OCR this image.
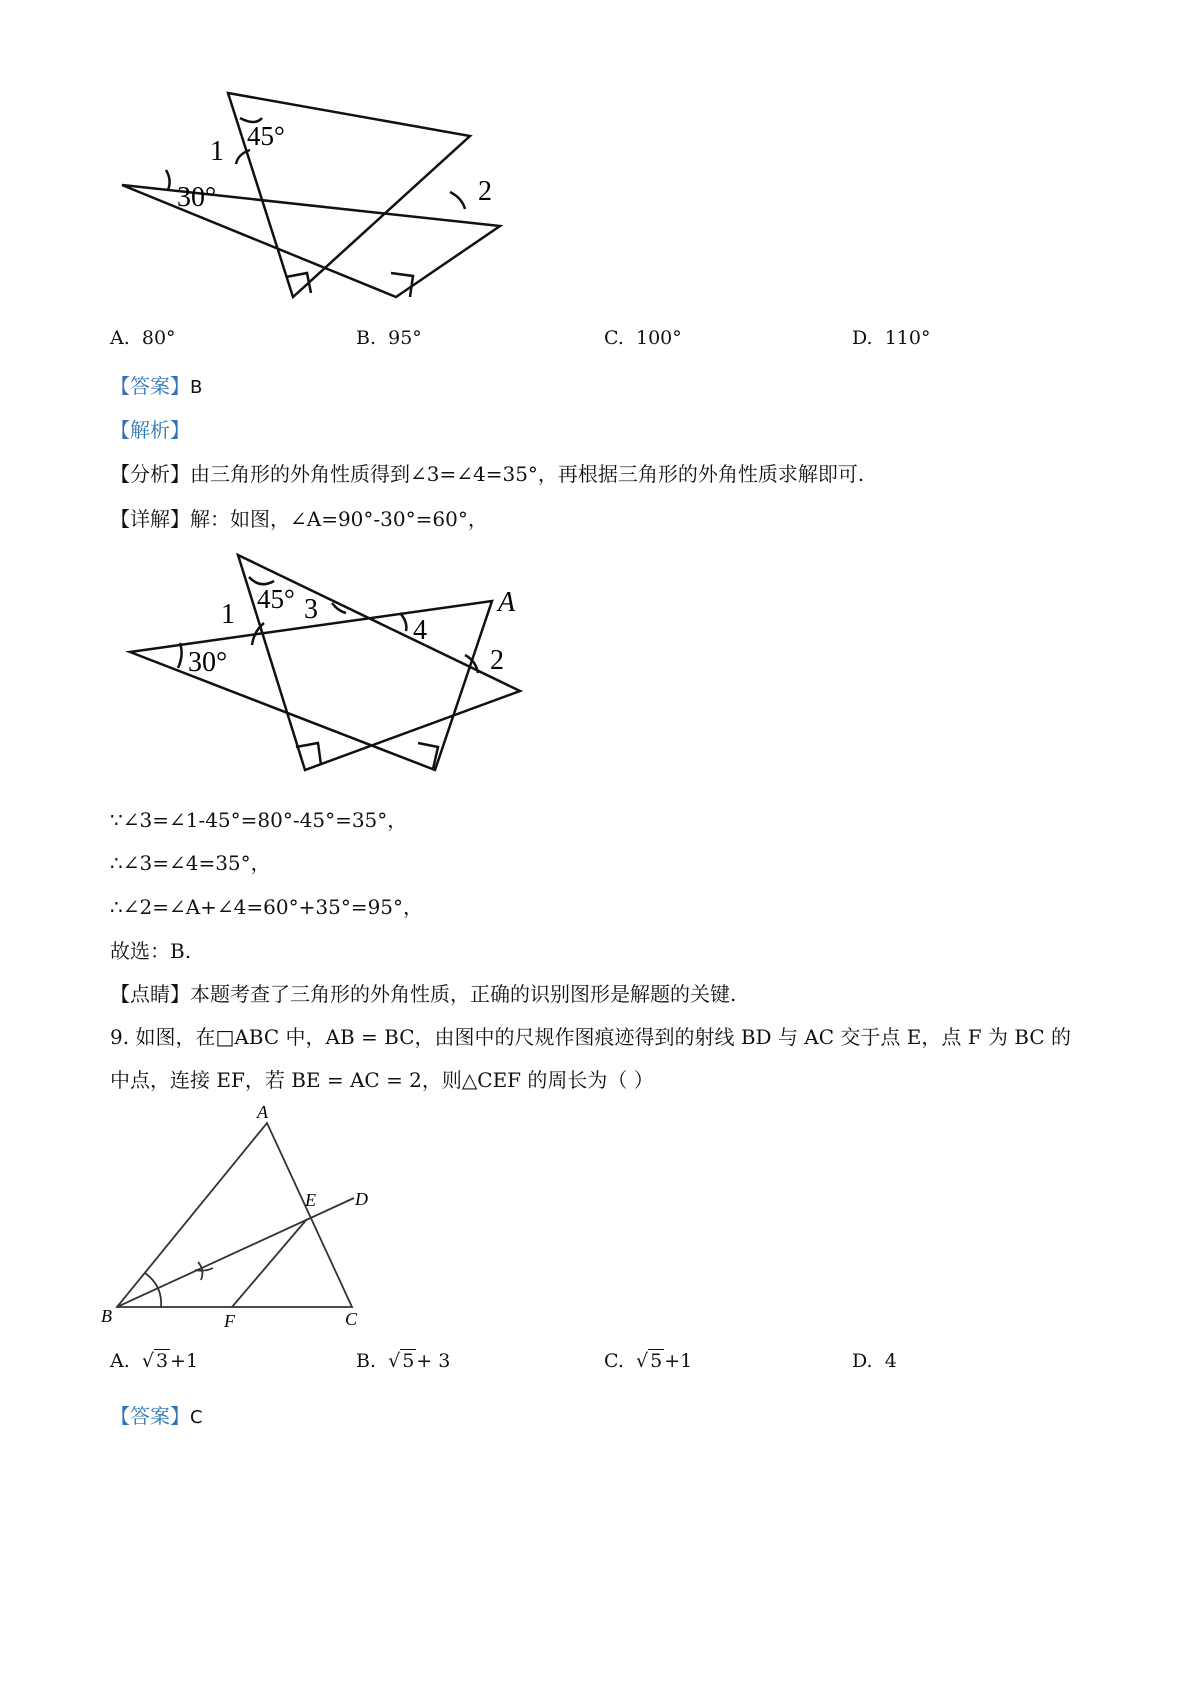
45°
1
30°	2
A. 80°	B. 95°	C. 100°	D. 110°
【答案】B
【解析】
【分析】由三角形的外角性质得到∠3=∠4=35°，再根据三角形的外角性质求解即可.
【详解】解：如图，∠A=90°-30°=60°，
45°
1 3
4
A
2
30°
∵∠3=∠1-45°=80°-45°=35°，
∴∠3=∠4=35°，
∴∠2=∠A+∠4=60°+35°=95°，
故选：B.
【点睛】本题考查了三角形的外角性质，正确的识别图形是解题的关键.
9. 如图，在□ABC 中，AB = BC，由图中的尺规作图痕迹得到的射线 BD 与 AC 交于点 E，点 F 为 BC 的
中点，连接 EF，若 BE = AC = 2，则△CEF 的周长为（ ）
A
B	C
D
E
F
A.  √ 3 +1	B.  √ 5 + 3	C.  √ 5 +1	D. 4
【答案】C
